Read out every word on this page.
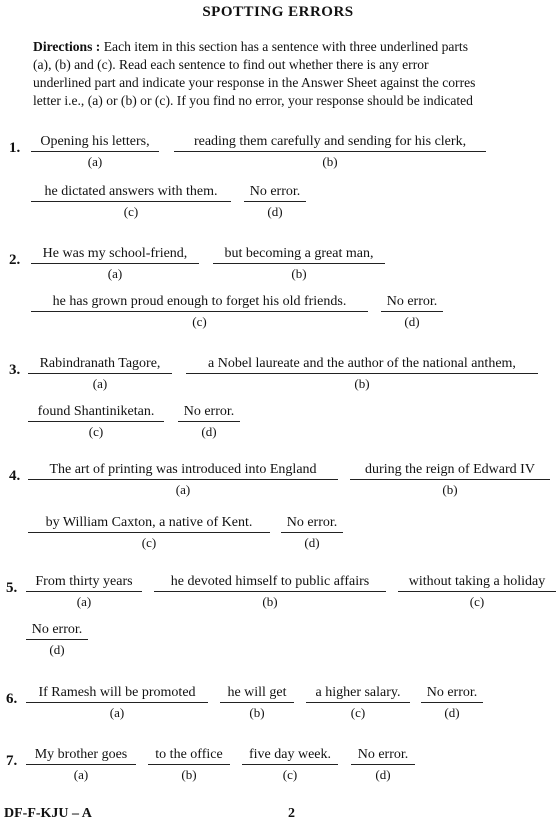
SPOTTING ERRORS
Directions : Each item in this section has a sentence with three underlined parts
(a), (b) and (c). Read each sentence to find out whether there is any error
underlined part and indicate your response in the Answer Sheet against the corres
letter i.e., (a) or (b) or (c). If you find no error, your response should be indicated
1.	Opening his letters,
(a)
reading them carefully and sending for his clerk,
(b)
he dictated answers with them.
(c)
No error.
(d)
2.	He was my school-friend,
(a)
but becoming a great man,
(b)
he has grown proud enough to forget his old friends.
(c)
No error.
(d)
3.	Rabindranath Tagore,
(a)
a Nobel laureate and the author of the national anthem,
(b)
found Shantiniketan.
(c)
No error.
(d)
4.	The art of printing was introduced into England
(a)
during the reign of Edward IV
(b)
by William Caxton, a native of Kent.
(c)
No error.
(d)
5.	From thirty years
(a)
he devoted himself to public affairs
(b)
without taking a holiday
(c)
No error.
(d)
6.	If Ramesh will be promoted
(a)
he will get
(b)
a higher salary.
(c)
No error.
(d)
7.	My brother goes
(a)
to the office
(b)
five day week.
(c)
No error.
(d)
DF-F-KJU – A	2
